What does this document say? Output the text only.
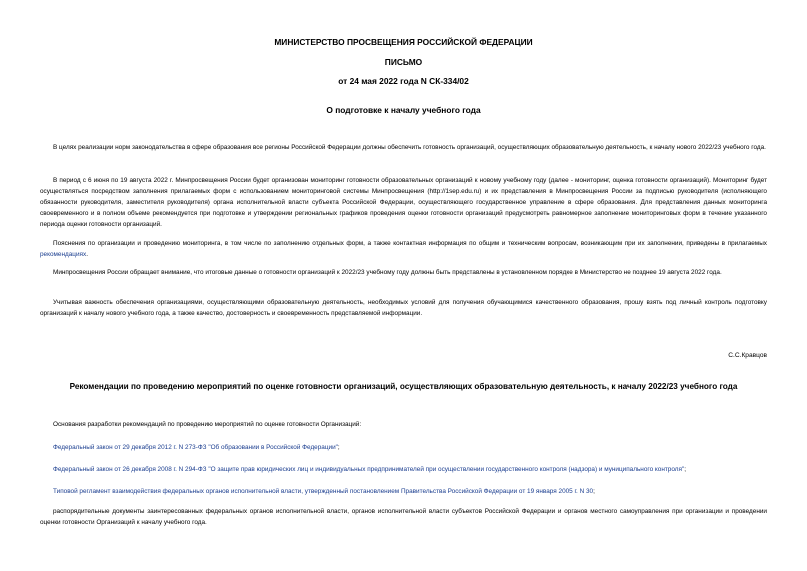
МИНИСТЕРСТВО ПРОСВЕЩЕНИЯ РОССИЙСКОЙ ФЕДЕРАЦИИ
ПИСЬМО
от 24 мая 2022 года N СК-334/02
О подготовке к началу учебного года
В целях реализации норм законодательства в сфере образования все регионы Российской Федерации должны обеспечить готовность организаций, осуществляющих образовательную деятельность, к началу нового 2022/23 учебного года.
В период с 6 июня по 19 августа 2022 г. Минпросвещения России будет организован мониторинг готовности образовательных организаций к новому учебному году (далее - мониторинг, оценка готовности организаций). Мониторинг будет осуществляться посредством заполнения прилагаемых форм с использованием мониторинговой системы Минпросвещения (http://1sep.edu.ru) и их представления в Минпросвещения России за подписью руководителя (исполняющего обязанности руководителя, заместителя руководителя) органа исполнительной власти субъекта Российской Федерации, осуществляющего государственное управление в сфере образования. Для представления данных мониторинга своевременного и в полном объеме рекомендуется при подготовке и утверждении региональных графиков проведения оценки готовности организаций предусмотреть равномерное заполнение мониторинговых форм в течение указанного периода оценки готовности организаций.
Пояснения по организации и проведению мониторинга, в том числе по заполнению отдельных форм, а также контактная информация по общим и техническим вопросам, возникающим при их заполнении, приведены в прилагаемых рекомендациях.
Минпросвещения России обращает внимание, что итоговые данные о готовности организаций к 2022/23 учебному году должны быть представлены в установленном порядке в Министерство не позднее 19 августа 2022 года.
Учитывая важность обеспечения организациями, осуществляющими образовательную деятельность, необходимых условий для получения обучающимися качественного образования, прошу взять под личный контроль подготовку организаций к началу нового учебного года, а также качество, достоверность и своевременность представляемой информации.
С.С.Кравцов
Рекомендации по проведению мероприятий по оценке готовности организаций, осуществляющих образовательную деятельность, к началу 2022/23 учебного года
Основания разработки рекомендаций по проведению мероприятий по оценке готовности Организаций:
Федеральный закон от 29 декабря 2012 г. N 273-ФЗ "Об образовании в Российской Федерации";
Федеральный закон от 26 декабря 2008 г. N 294-ФЗ "О защите прав юридических лиц и индивидуальных предпринимателей при осуществлении государственного контроля (надзора) и муниципального контроля";
Типовой регламент взаимодействия федеральных органов исполнительной власти, утвержденный постановлением Правительства Российской Федерации от 19 января 2005 г. N 30;
распорядительные документы заинтересованных федеральных органов исполнительной власти, органов исполнительной власти субъектов Российской Федерации и органов местного самоуправления при организации и проведении оценки готовности Организаций к началу учебного года.
